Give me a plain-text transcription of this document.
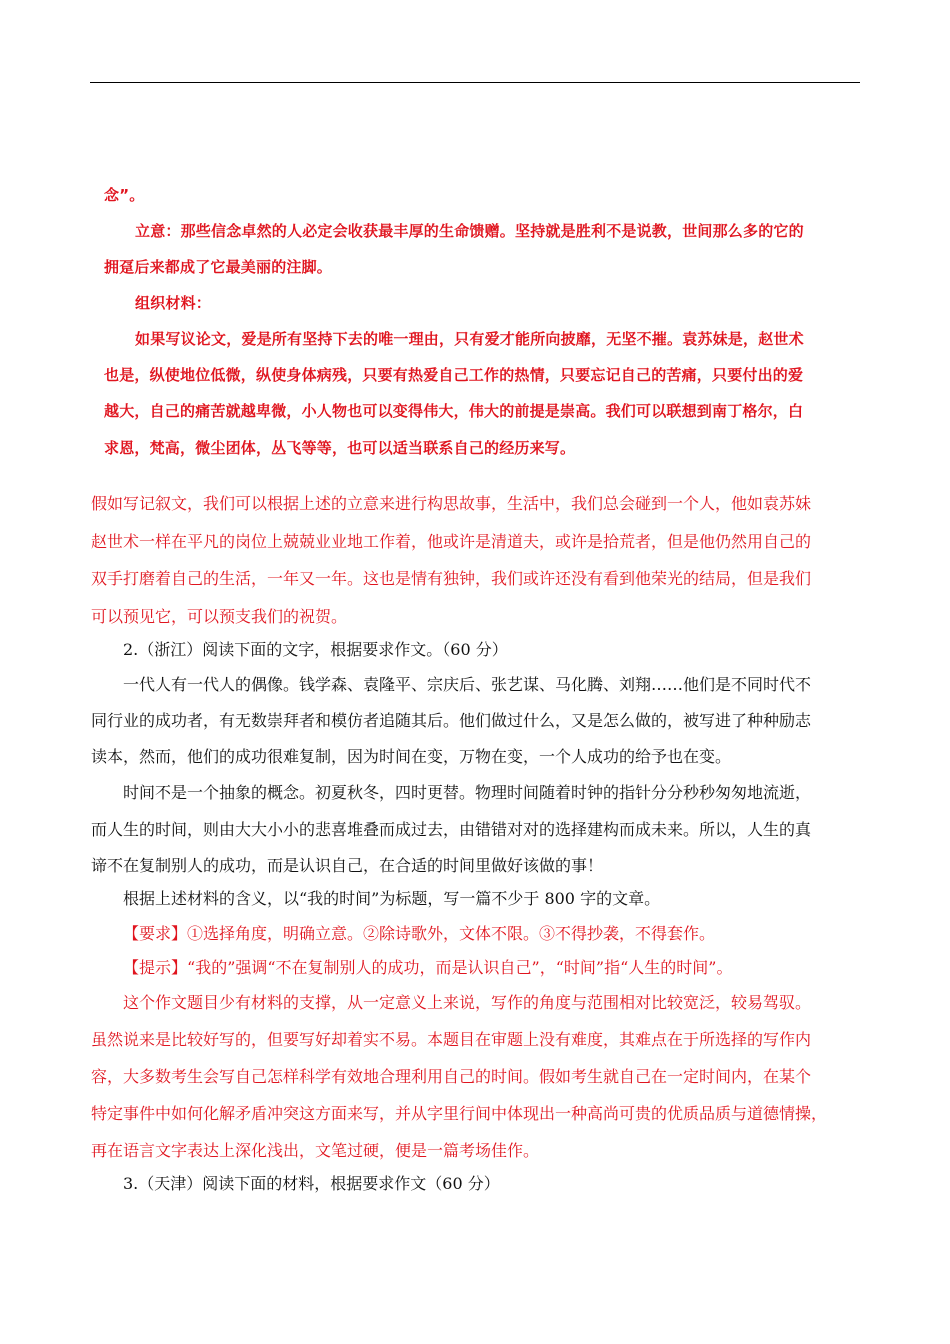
念”。
立意：那些信念卓然的人必定会收获最丰厚的生命馈赠。坚持就是胜利不是说教，世间那么多的它的
拥趸后来都成了它最美丽的注脚。
组织材料：
如果写议论文，爱是所有坚持下去的唯一理由，只有爱才能所向披靡，无坚不摧。袁苏妹是，赵世术
也是，纵使地位低微，纵使身体病残，只要有热爱自己工作的热情，只要忘记自己的苦痛，只要付出的爱
越大，自己的痛苦就越卑微，小人物也可以变得伟大，伟大的前提是崇高。我们可以联想到南丁格尔，白
求恩，梵高，微尘团体，丛飞等等，也可以适当联系自己的经历来写。
假如写记叙文，我们可以根据上述的立意来进行构思故事，生活中，我们总会碰到一个人，他如袁苏妹
赵世术一样在平凡的岗位上兢兢业业地工作着，他或许是清道夫，或许是拾荒者，但是他仍然用自己的
双手打磨着自己的生活，一年又一年。这也是情有独钟，我们或许还没有看到他荣光的结局，但是我们
可以预见它，可以预支我们的祝贺。
2.（浙江）阅读下面的文字，根据要求作文。（60 分）
一代人有一代人的偶像。钱学森、袁隆平、宗庆后、张艺谋、马化腾、刘翔……他们是不同时代不
同行业的成功者，有无数崇拜者和模仿者追随其后。他们做过什么，又是怎么做的，被写进了种种励志
读本，然而，他们的成功很难复制，因为时间在变，万物在变，一个人成功的给予也在变。
时间不是一个抽象的概念。初夏秋冬，四时更替。物理时间随着时钟的指针分分秒秒匆匆地流逝，
而人生的时间，则由大大小小的悲喜堆叠而成过去，由错错对对的选择建构而成未来。所以，人生的真
谛不在复制别人的成功，而是认识自己，在合适的时间里做好该做的事！
根据上述材料的含义，以“我的时间”为标题，写一篇不少于 800 字的文章。
【要求】①选择角度，明确立意。②除诗歌外，文体不限。③不得抄袭，不得套作。
【提示】“我的”强调“不在复制别人的成功，而是认识自己”，“时间”指“人生的时间”。
这个作文题目少有材料的支撑，从一定意义上来说，写作的角度与范围相对比较宽泛，较易驾驭。
虽然说来是比较好写的，但要写好却着实不易。本题目在审题上没有难度，其难点在于所选择的写作内
容，大多数考生会写自己怎样科学有效地合理利用自己的时间。假如考生就自己在一定时间内，在某个
特定事件中如何化解矛盾冲突这方面来写，并从字里行间中体现出一种高尚可贵的优质品质与道德情操，
再在语言文字表达上深化浅出，文笔过硬，便是一篇考场佳作。
3.（天津）阅读下面的材料，根据要求作文（60 分）
